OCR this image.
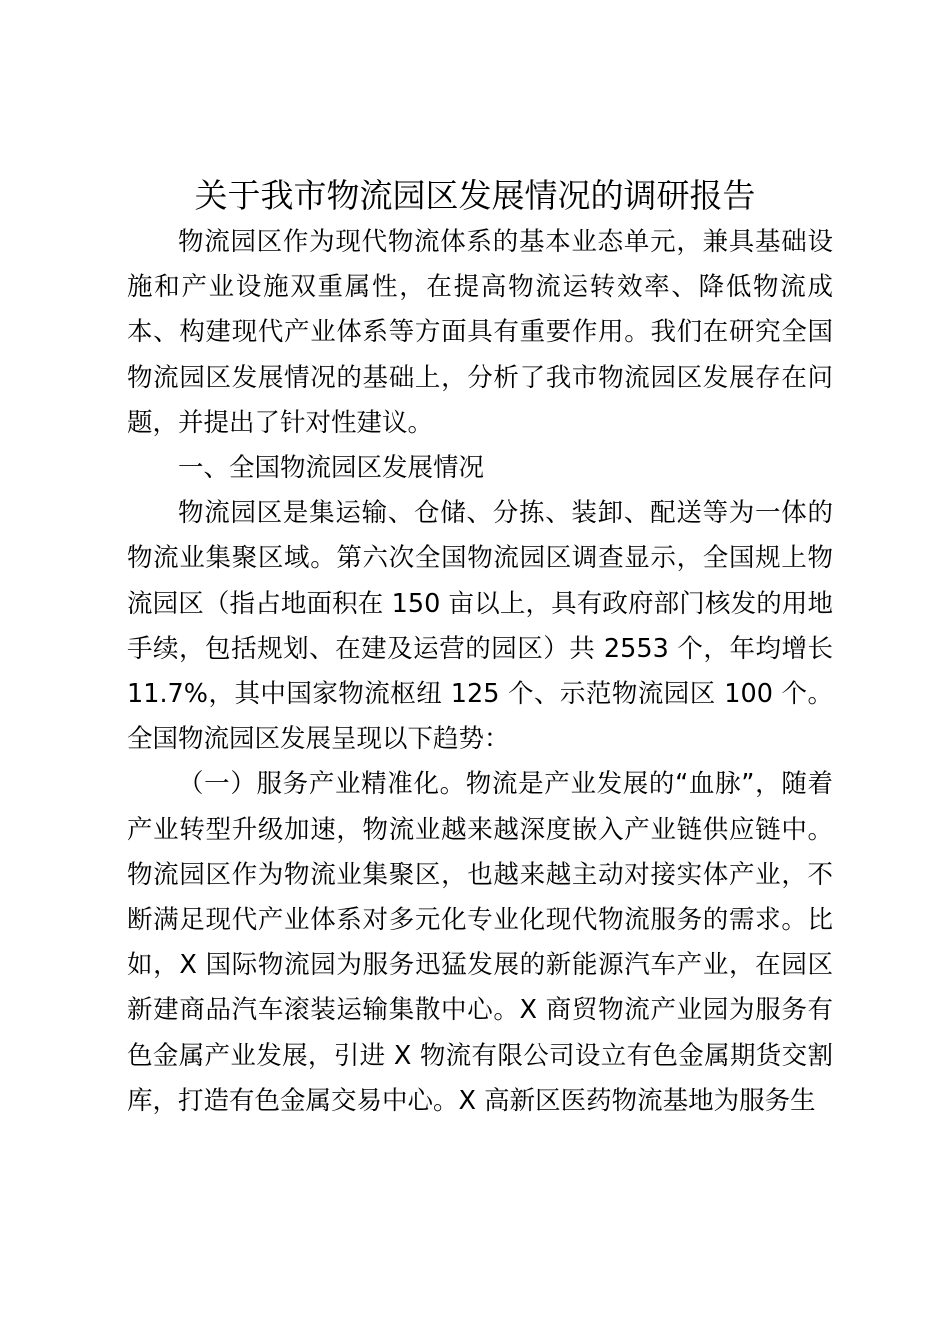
关于我市物流园区发展情况的调研报告

物流园区作为现代物流体系的基本业态单元，兼具基础设施和产业设施双重属性，在提高物流运转效率、降低物流成本、构建现代产业体系等方面具有重要作用。我们在研究全国物流园区发展情况的基础上，分析了我市物流园区发展存在问题，并提出了针对性建议。

一、全国物流园区发展情况

物流园区是集运输、仓储、分拣、装卸、配送等为一体的物流业集聚区域。第六次全国物流园区调查显示，全国规上物流园区（指占地面积在 150 亩以上，具有政府部门核发的用地手续，包括规划、在建及运营的园区）共 2553 个，年均增长 11.7%，其中国家物流枢纽 125 个、示范物流园区 100 个。全国物流园区发展呈现以下趋势：

（一）服务产业精准化。物流是产业发展的“血脉”，随着产业转型升级加速，物流业越来越深度嵌入产业链供应链中。物流园区作为物流业集聚区，也越来越主动对接实体产业，不断满足现代产业体系对多元化专业化现代物流服务的需求。比如，X 国际物流园为服务迅猛发展的新能源汽车产业，在园区新建商品汽车滚装运输集散中心。X 商贸物流产业园为服务有色金属产业发展，引进 X 物流有限公司设立有色金属期货交割库，打造有色金属交易中心。X 高新区医药物流基地为服务生
